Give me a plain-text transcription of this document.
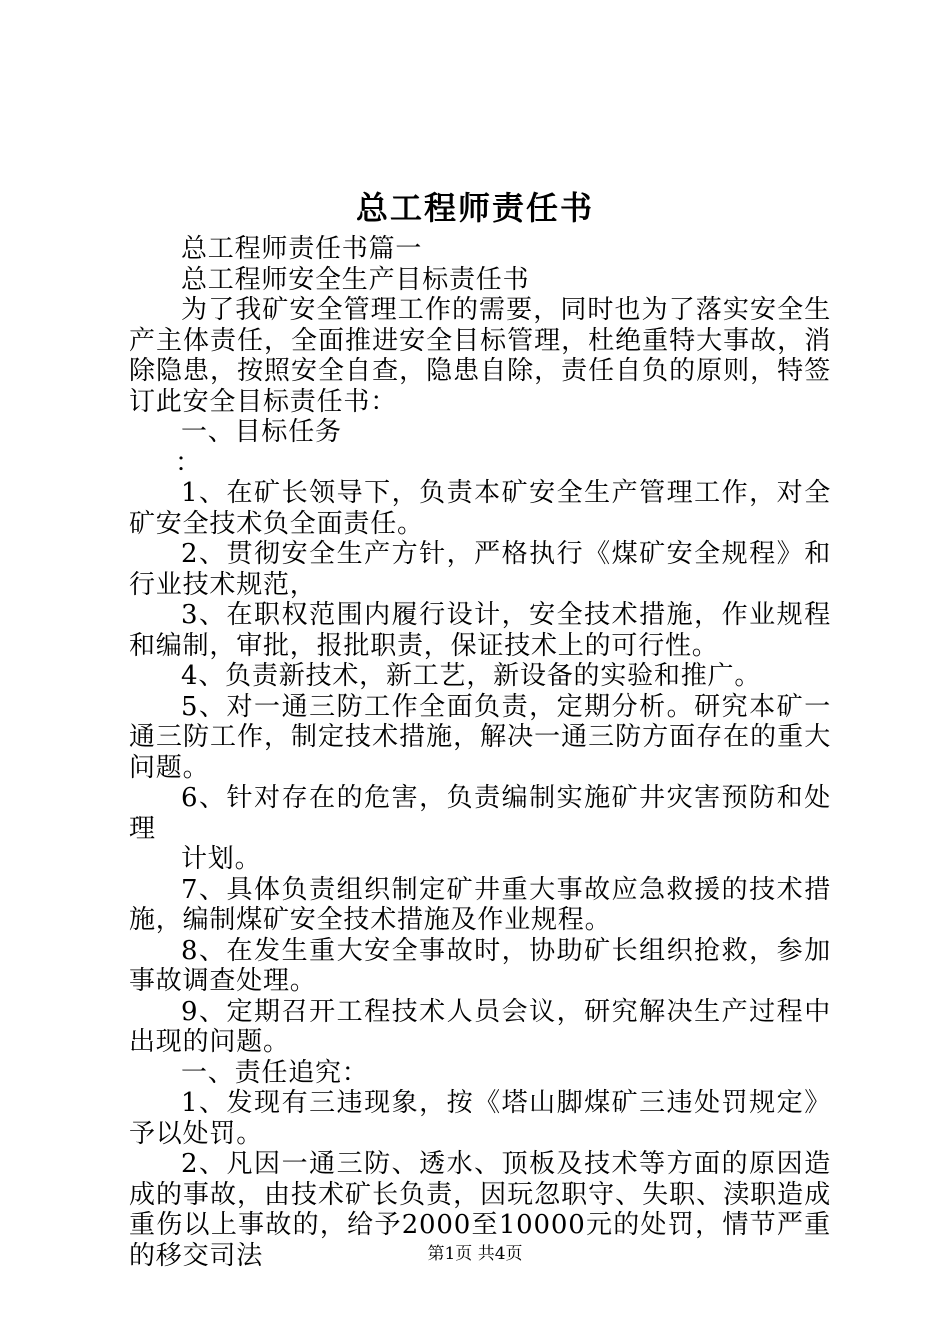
总工程师责任书

总工程师责任书篇一

总工程师安全生产目标责任书

为了我矿安全管理工作的需要，同时也为了落实安全生产主体责任，全面推进安全目标管理，杜绝重特大事故，消除隐患，按照安全自查，隐患自除，责任自负的原则，特签订此安全目标责任书：

一、目标任务

：

1、在矿长领导下，负责本矿安全生产管理工作，对全矿安全技术负全面责任。

2、贯彻安全生产方针，严格执行《煤矿安全规程》和行业技术规范，

3、在职权范围内履行设计，安全技术措施，作业规程和编制，审批，报批职责，保证技术上的可行性。

4、负责新技术，新工艺，新设备的实验和推广。

5、对一通三防工作全面负责，定期分析。研究本矿一通三防工作，制定技术措施，解决一通三防方面存在的重大问题。

6、针对存在的危害，负责编制实施矿井灾害预防和处理

计划。

7、具体负责组织制定矿井重大事故应急救援的技术措施，编制煤矿安全技术措施及作业规程。

8、在发生重大安全事故时，协助矿长组织抢救，参加事故调查处理。

9、定期召开工程技术人员会议，研究解决生产过程中出现的问题。

一、责任追究：

1、发现有三违现象，按《塔山脚煤矿三违处罚规定》予以处罚。

2、凡因一通三防、透水、顶板及技术等方面的原因造成的事故，由技术矿长负责，因玩忽职守、失职、渎职造成重伤以上事故的，给予2000至10000元的处罚，情节严重的移交司法	第1页 共4页
